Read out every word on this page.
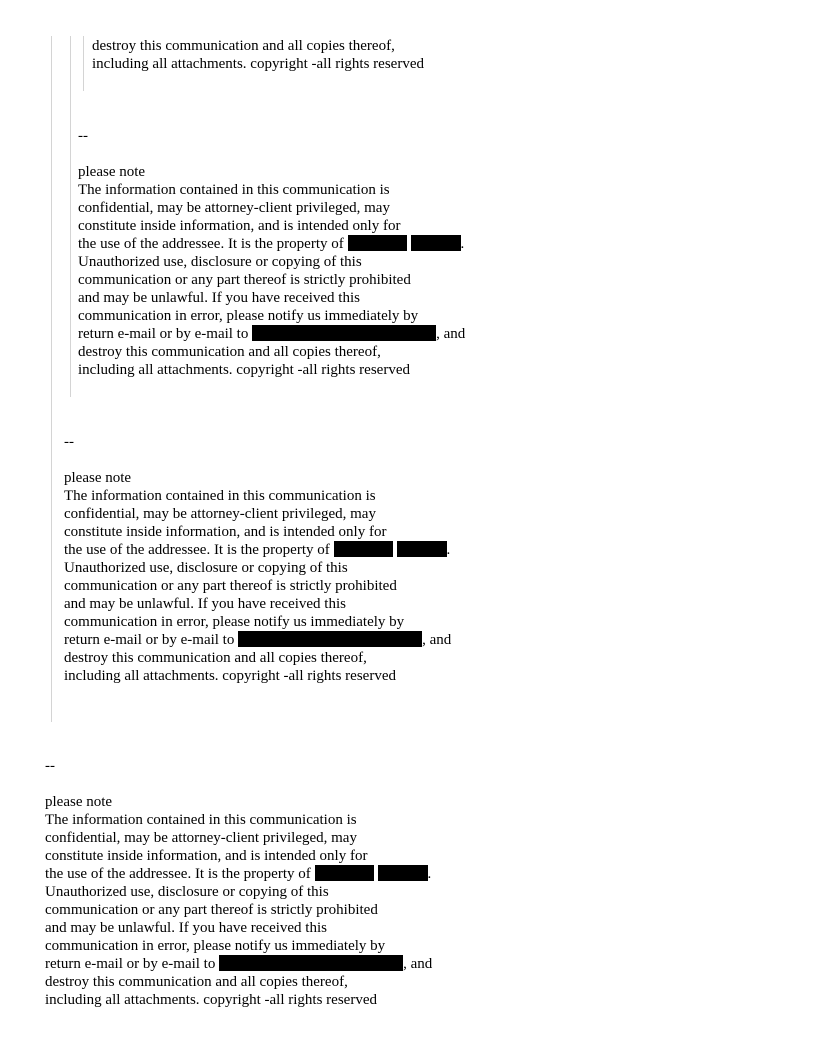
destroy this communication and all copies thereof,
including all attachments. copyright -all rights reserved
--
please note
The information contained in this communication is
confidential, may be attorney-client privileged, may
constitute inside information, and is intended only for
the use of the addressee. It is the property of	.
Unauthorized use, disclosure or copying of this
communication or any part thereof is strictly prohibited
and may be unlawful. If you have received this
communication in error, please notify us immediately by
return e-mail or by e-mail to	, and
destroy this communication and all copies thereof,
including all attachments. copyright -all rights reserved
--
please note
The information contained in this communication is
confidential, may be attorney-client privileged, may
constitute inside information, and is intended only for
the use of the addressee. It is the property of	.
Unauthorized use, disclosure or copying of this
communication or any part thereof is strictly prohibited
and may be unlawful. If you have received this
communication in error, please notify us immediately by
return e-mail or by e-mail to	, and
destroy this communication and all copies thereof,
including all attachments. copyright -all rights reserved
--
please note
The information contained in this communication is
confidential, may be attorney-client privileged, may
constitute inside information, and is intended only for
the use of the addressee. It is the property of	.
Unauthorized use, disclosure or copying of this
communication or any part thereof is strictly prohibited
and may be unlawful. If you have received this
communication in error, please notify us immediately by
return e-mail or by e-mail to	, and
destroy this communication and all copies thereof,
including all attachments. copyright -all rights reserved
